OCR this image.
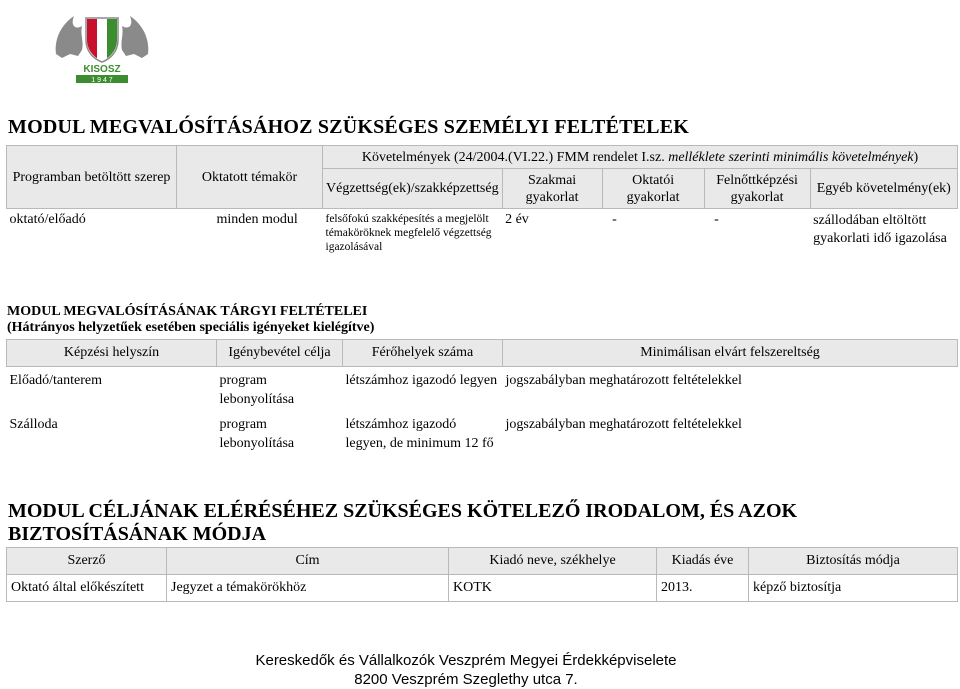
KISOSZ
1 9 4 7
MODUL MEGVALÓSÍTÁSÁHOZ SZÜKSÉGES SZEMÉLYI FELTÉTELEK
Programban betöltött szerep	Oktatott témakör	Követelmények (24/2004.(VI.22.) FMM rendelet I.sz. melléklete szerinti minimális követelmények)				
		Végzettség(ek)/szakképzettség	Szakmai gyakorlat	Oktatói gyakorlat	Felnőttképzési gyakorlat	Egyéb követelmény(ek)
oktató/előadó	minden modul	felsőfokú szakképesítés a megjelölt témaköröknek megfelelő végzettség igazolásával	2 év	-	-	szállodában eltöltött gyakorlati idő igazolása
MODUL MEGVALÓSÍTÁSÁNAK TÁRGYI FELTÉTELEI
(Hátrányos helyzetűek esetében speciális igényeket kielégítve)
Képzési helyszín	Igénybevétel célja	Férőhelyek száma	Minimálisan elvárt felszereltség
Előadó/tanterem	program lebonyolítása	létszámhoz igazodó legyen	jogszabályban meghatározott feltételekkel
Szálloda	program lebonyolítása	létszámhoz igazodó legyen, de minimum 12 fő	jogszabályban meghatározott feltételekkel
MODUL CÉLJÁNAK ELÉRÉSÉHEZ SZÜKSÉGES KÖTELEZŐ IRODALOM, ÉS AZOK BIZTOSÍTÁSÁNAK MÓDJA
Szerző	Cím	Kiadó neve, székhelye	Kiadás éve	Biztosítás módja
Oktató által előkészített	Jegyzet a témakörökhöz	KOTK	2013.	képző biztosítja
Kereskedők és Vállalkozók Veszprém Megyei Érdekképviselete
8200 Veszprém Szeglethy utca 7.
